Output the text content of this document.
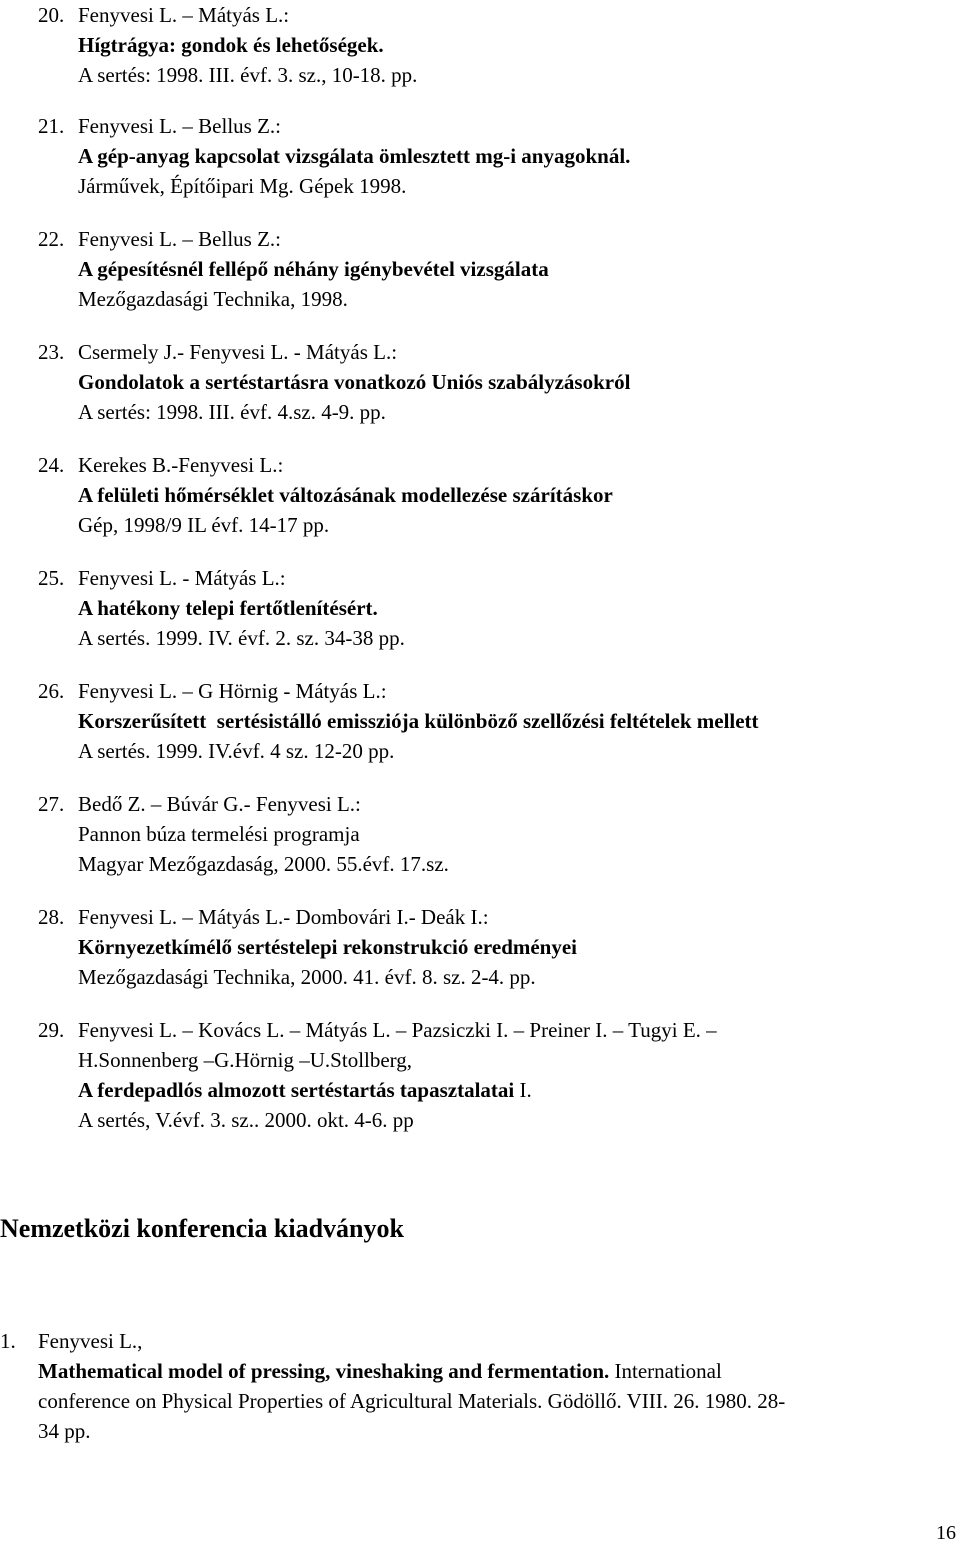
20. Fenyvesi L. – Mátyás L.:
Hígtrágya: gondok és lehetőségek.
A sertés: 1998. III. évf. 3. sz., 10-18. pp.
21. Fenyvesi L. – Bellus Z.:
A gép-anyag kapcsolat vizsgálata ömlesztett mg-i anyagoknál.
Járművek, Építőipari Mg. Gépek 1998.
22. Fenyvesi L. – Bellus Z.:
A gépesítésnél fellépő néhány igénybevétel vizsgálata
Mezőgazdasági Technika, 1998.
23. Csermely J.- Fenyvesi L. - Mátyás L.:
Gondolatok a sertéstartásra vonatkozó Uniós szabályzásokról
A sertés: 1998. III. évf. 4.sz. 4-9. pp.
24. Kerekes B.-Fenyvesi L.:
A felületi hőmérséklet változásának modellezése szárításkor
Gép, 1998/9 IL évf. 14-17 pp.
25. Fenyvesi L. - Mátyás L.:
A hatékony telepi fertőtlenítésért.
A sertés. 1999. IV. évf. 2. sz. 34-38 pp.
26. Fenyvesi L. – G Hörnig - Mátyás L.:
Korszerűsített  sertésistálló emissziója különböző szellőzési feltételek mellett
A sertés. 1999. IV.évf. 4 sz. 12-20 pp.
27. Bedő Z. – Búvár G.- Fenyvesi L.:
Pannon búza termelési programja
Magyar Mezőgazdaság, 2000. 55.évf. 17.sz.
28. Fenyvesi L. – Mátyás L.- Dombovári I.- Deák I.:
Környezetkímélő sertéstelepi rekonstrukció eredményei
Mezőgazdasági Technika, 2000. 41. évf. 8. sz. 2-4. pp.
29. Fenyvesi L. – Kovács L. – Mátyás L. – Pazsiczki I. – Preiner I. – Tugyi E. –
H.Sonnenberg –G.Hörnig –U.Stollberg,
A ferdepadlós almozott sertéstartás tapasztalatai I.
A sertés, V.évf. 3. sz.. 2000. okt. 4-6. pp
Nemzetközi konferencia kiadványok
1. Fenyvesi L.,
Mathematical model of pressing, vineshaking and fermentation. International
conference on Physical Properties of Agricultural Materials. Gödöllő. VIII. 26. 1980. 28-
34 pp.
16
